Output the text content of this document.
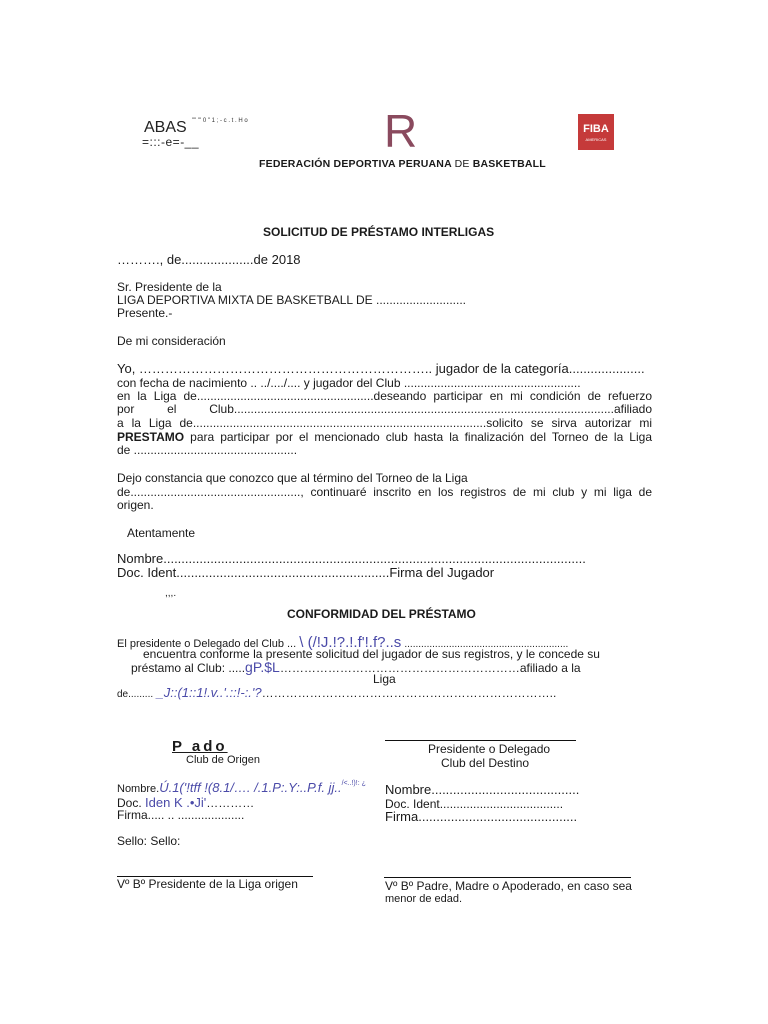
ABAS "" "' 0 " 1 ; - c . t . H o
=:::-e=-__	R	FIBA
AMERICAS
FEDERACIÓN DEPORTIVA PERUANA DE BASKETBALL
SOLICITUD DE PRÉSTAMO INTERLIGAS
………., de....................de 2018
Sr. Presidente de la
LIGA DEPORTIVA MIXTA DE BASKETBALL DE ...........................
Presente.-
De mi consideración
Yo, ………………………………………………………….. jugador de la categoría.....................
con fecha de nacimiento .. ../..../.... y jugador del Club .....................................................
en la Liga de.....................................................deseando participar en mi condición de refuerzo
por el Club..................................................................................................................afiliado
a la Liga de........................................................................................solicito se sirva autorizar mi
PRESTAMO para participar por el mencionado club hasta la finalización del Torneo de la Liga
de .................................................
Dejo constancia que conozco que al término del Torneo de la Liga
de..................................................., continuaré inscrito en los registros de mi club y mi liga de
origen.
Atentamente
Nombre.....................................................................................................................
Doc. Ident...........................................................Firma del Jugador
,,,.
CONFORMIDAD DEL PRÉSTAMO
El presidente o Delegado del Club ... \ (/!J.!?.!.f'!.f?..s ...........................................................
encuentra conforme la presente solicitud del jugador de sus registros, y le concede su
préstamo al Club: .....gP.$L……………………………………………………afiliado a la
Liga
de......... _J::(1::1!.v..'.::!-:.'?………………………………………………………………..
P ado
Club de Origen
Nombre.Ú.1('!tff !(8.1/…. /.1.P:.Y:..P.f. jj../<..!)!: ¿
Doc. Iden K .•Ji'…………
Firma..... .. ....................
Presidente o Delegado
Club del Destino
Nombre.........................................
Doc. Ident.....................................
Firma............................................
Sello: Sello:
Vº Bº Presidente de la Liga origen	Vº Bº Padre, Madre o Apoderado, en caso sea
menor de edad.
